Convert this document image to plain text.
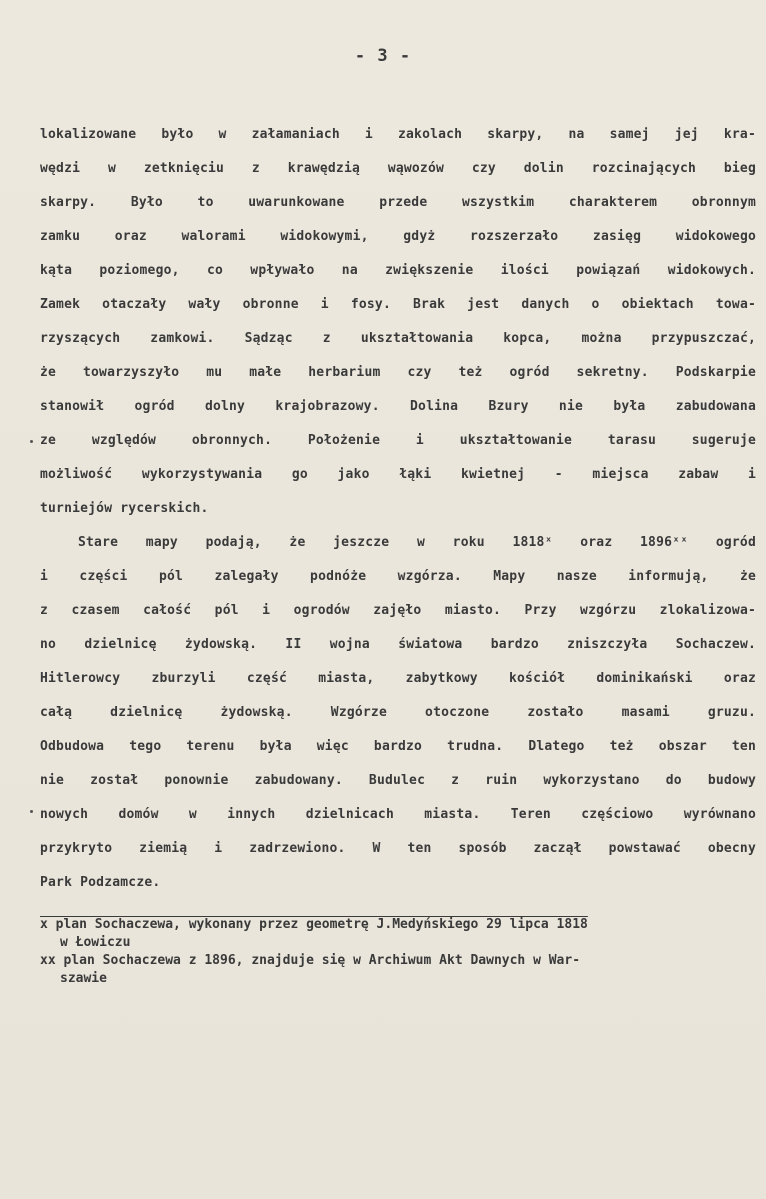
- 3 -
lokalizowane było w załamaniach i zakolach skarpy, na samej jej kra-
wędzi w zetknięciu z krawędzią wąwozów czy dolin rozcinających bieg
skarpy. Było to uwarunkowane przede wszystkim charakterem obronnym
zamku oraz walorami widokowymi, gdyż rozszerzało zasięg widokowego
kąta poziomego, co wpływało na zwiększenie ilości powiązań widokowych.
Zamek otaczały wały obronne i fosy. Brak jest danych o obiektach towa-
rzyszących zamkowi. Sądząc z ukształtowania kopca, można przypuszczać,
że towarzyszyło mu małe herbarium czy też ogród sekretny. Podskarpie
stanowił ogród dolny krajobrazowy. Dolina Bzury nie była zabudowana
ze względów obronnych. Położenie i ukształtowanie tarasu sugeruje
możliwość wykorzystywania go jako łąki kwietnej - miejsca zabaw i
turniejów rycerskich.
Stare mapy podają, że jeszcze w roku 1818ˣ oraz 1896ˣˣ ogród
i części pól zalegały podnóże wzgórza. Mapy nasze informują, że
z czasem całość pól i ogrodów zajęło miasto. Przy wzgórzu zlokalizowa-
no dzielnicę żydowską. II wojna światowa bardzo zniszczyła Sochaczew.
Hitlerowcy zburzyli część miasta, zabytkowy kościół dominikański oraz
całą dzielnicę żydowską. Wzgórze otoczone zostało masami gruzu.
Odbudowa tego terenu była więc bardzo trudna. Dlatego też obszar ten
nie został ponownie zabudowany. Budulec z ruin wykorzystano do budowy
nowych domów w innych dzielnicach miasta. Teren częściowo wyrównano
przykryto ziemią i zadrzewiono. W ten sposób zaczął powstawać obecny
Park Podzamcze.
x plan Sochaczewa, wykonany przez geometrę J.Medyńskiego 29 lipca 1818
w Łowiczu
xx plan Sochaczewa z 1896, znajduje się w Archiwum Akt Dawnych w War-
szawie
